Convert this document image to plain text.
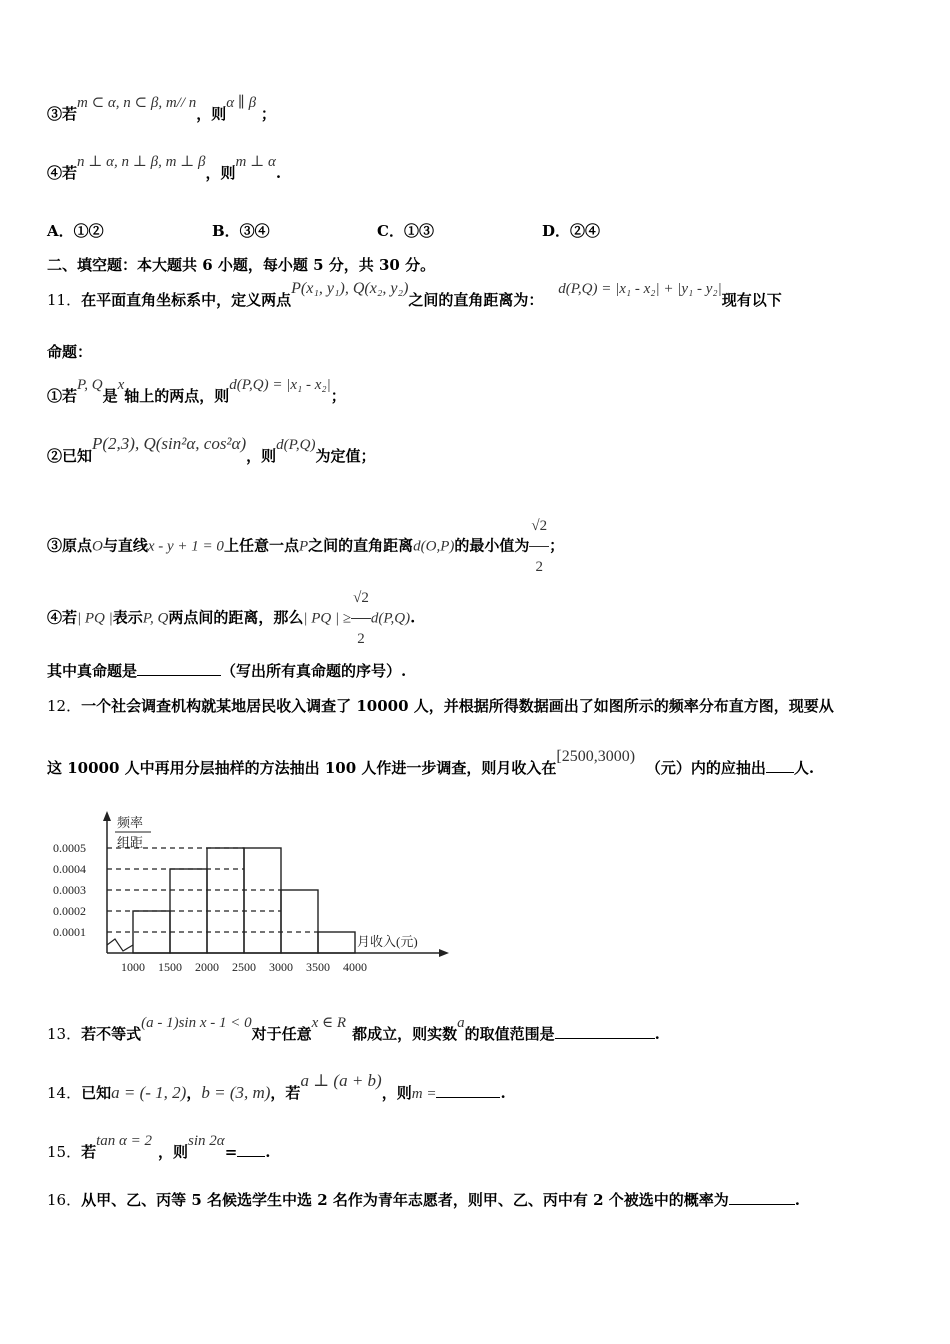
③若m ⊂ α, n ⊂ β, m// n，则α ∥ β ；
④若n ⊥ α, n ⊥ β, m ⊥ β，则m ⊥ α.
A．①②	B．③④	C．①③	D．②④
二、填空题：本大题共 6 小题，每小题 5 分，共 30 分。
11．在平面直角坐标系中，定义两点P(x₁, y₁), Q(x₂, y₂)之间的直角距离为： d(P,Q) = |x₁ - x₂| + |y₁ - y₂|现有以下
命题：
①若P, Q是x轴上的两点，则d(P,Q) = |x₁ - x₂|；
②已知P(2,3), Q(sin²α, cos²α)，则d(P,Q)为定值；
③原点O与直线x - y + 1 = 0上任意一点P之间的直角距离d(O,P)的最小值为 $\frac{√2}{2}$ ；
④若| PQ |表示P, Q两点间的距离，那么| PQ | ≥ $\frac{√2}{2} d(P,Q)$.
其中真命题是	（写出所有真命题的序号）.
12．一个社会调查机构就某地居民收入调查了 10000 人，并根据所得数据画出了如图所示的频率分布直方图，现要从
这 10000 人中再用分层抽样的方法抽出 100 人作进一步调查，则月收入在[2500,3000) （元）内的应抽出 人.
频率
组距
0.0001
0.0002
0.0003
0.0004
0.0005
1000 1500 2000 2500 3000 3500 4000
月收入(元)
13．若不等式(a - 1)sin x - 1 < 0对于任意x ∈ R都成立，则实数a的取值范围是	.
14．已知a = (- 1, 2)，b = (3, m)，若a ⊥ (a + b)，则m =	.
15．若tan α = 2，则sin 2α= .
16．从甲、乙、丙等 5 名候选学生中选 2 名作为青年志愿者，则甲、乙、丙中有 2 个被选中的概率为	.
